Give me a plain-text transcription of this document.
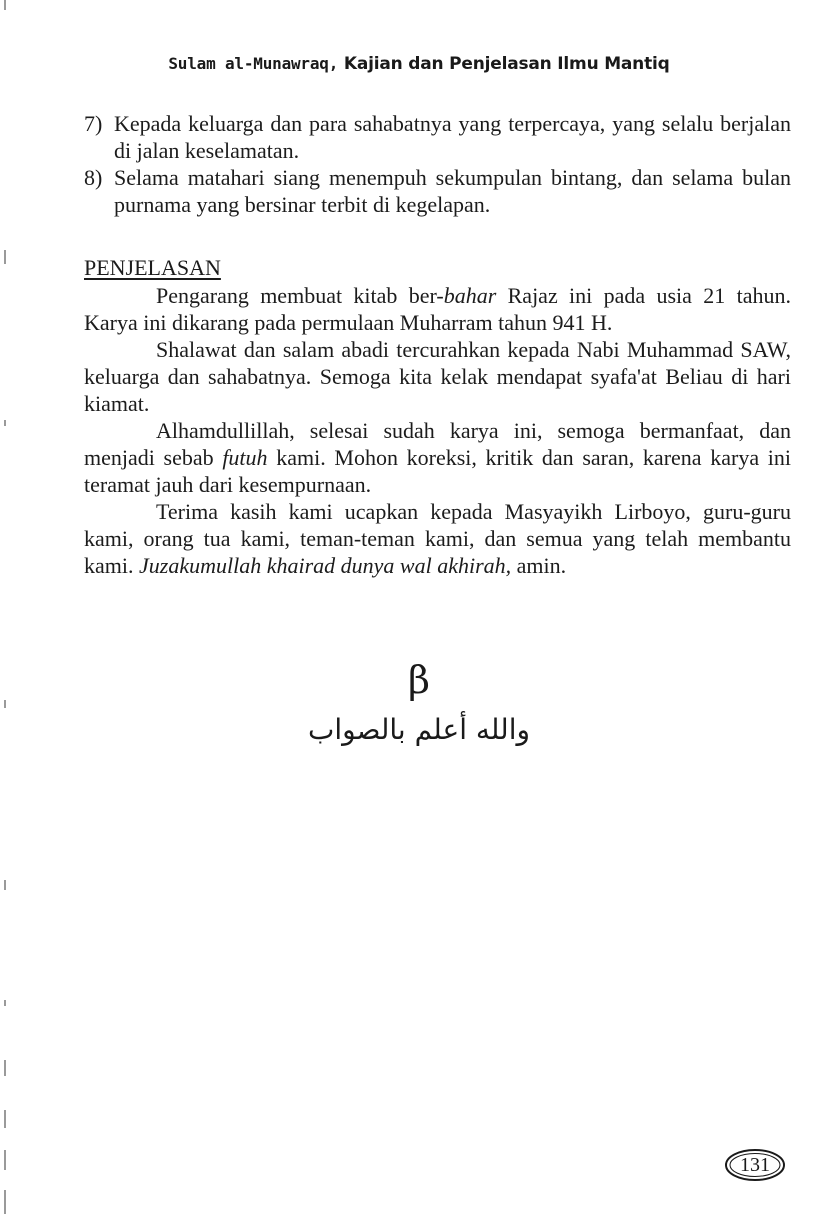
Sulam al-Munawraq, Kajian dan Penjelasan Ilmu Mantiq
7) Kepada keluarga dan para sahabatnya yang terpercaya, yang selalu berjalan di jalan keselamatan.
8) Selama matahari siang menempuh sekumpulan bintang, dan selama bulan purnama yang bersinar terbit di kegelapan.
PENJELASAN

Pengarang membuat kitab ber-bahar Rajaz ini pada usia 21 tahun. Karya ini dikarang pada permulaan Muharram tahun 941 H.

Shalawat dan salam abadi tercurahkan kepada Nabi Muhammad SAW, keluarga dan sahabatnya. Semoga kita kelak mendapat syafa'at Beliau di hari kiamat.

Alhamdullillah, selesai sudah karya ini, semoga bermanfaat, dan menjadi sebab futuh kami. Mohon koreksi, kritik dan saran, karena karya ini teramat jauh dari kesempurnaan.

Terima kasih kami ucapkan kepada Masyayikh Lirboyo, guru-guru kami, orang tua kami, teman-teman kami, dan semua yang telah membantu kami. Juzakumullah khairad dunya wal akhirah, amin.

β
والله أعلم بالصواب
131
